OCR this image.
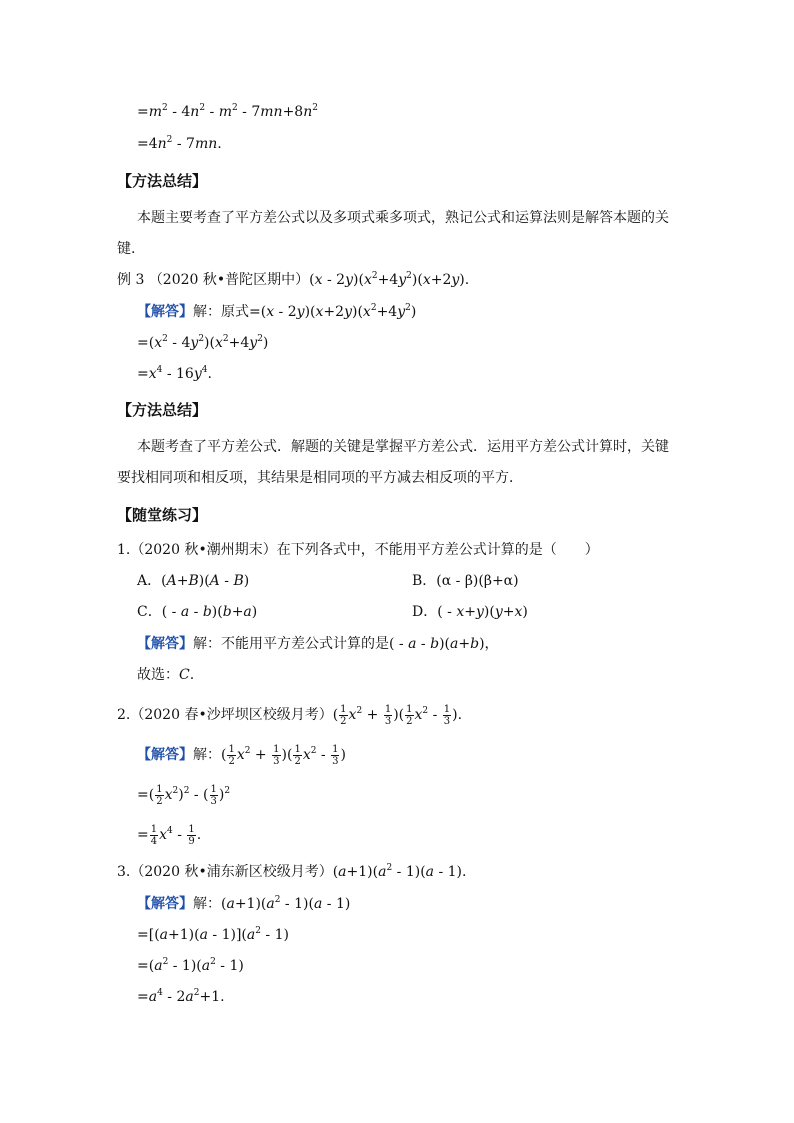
$=m^2 - 4n^2 - m^2 - 7mn+8n^2$
$=4n^2 - 7mn$.
【方法总结】
本题主要考查了平方差公式以及多项式乘多项式，熟记公式和运算法则是解答本题的关
键.
例 3 （2020 秋•普陀区期中）$(x - 2y)(x^2+4y^2)(x+2y)$.
【解答】解：原式$=(x - 2y)(x+2y)(x^2+4y^2)$
$=(x^2 - 4y^2)(x^2+4y^2)$
$=x^4 - 16y^4$.
【方法总结】
本题考查了平方差公式．解题的关键是掌握平方差公式．运用平方差公式计算时，关键
要找相同项和相反项，其结果是相同项的平方减去相反项的平方．
【随堂练习】
1.（2020 秋•潮州期末）在下列各式中，不能用平方差公式计算的是（　　）
A．(A+B)(A - B)	B．(α - β)(β+α)
C．( - a - b)(b+a)	D．( - x+y)(y+x)
【解答】解：不能用平方差公式计算的是( - a - b)(a+b)，
故选：C.
2.（2020 春•沙坪坝区校级月考）( $\frac{1}{2} x^2 + \frac{1}{3}$ )( $\frac{1}{2} x^2 - \frac{1}{3}$ ).
【解答】解：( $\frac{1}{2} x^2 + \frac{1}{3}$ )( $\frac{1}{2} x^2 - \frac{1}{3}$ )
=( $\frac{1}{2} x^2)^2$ - ( $\frac{1}{3} )^2$
= $\frac{1}{4} x^4 - \frac{1}{9}$ .
3.（2020 秋•浦东新区校级月考）$(a+1)(a^2 - 1)(a - 1)$.
【解答】解：$(a+1)(a^2 - 1)(a - 1)$
$=[(a+1)(a - 1)](a^2 - 1)$
$=(a^2 - 1)(a^2 - 1)$
$=a^4 - 2a^2+1$.
